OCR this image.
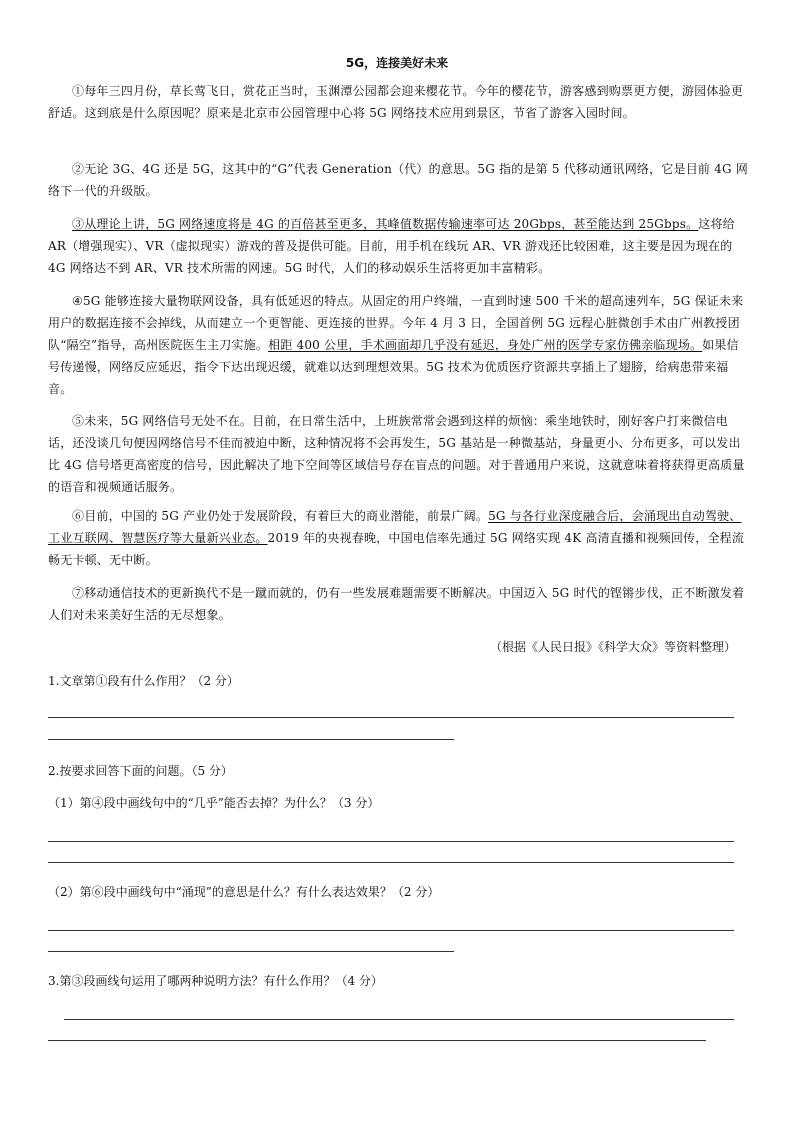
5G，连接美好未来
①每年三四月份，草长莺飞日，赏花正当时，玉渊潭公园都会迎来樱花节。今年的樱花节，游客感到购票更方便，游园体验更舒适。这到底是什么原因呢？原来是北京市公园管理中心将 5G 网络技术应用到景区，节省了游客入园时间。
②无论 3G、4G 还是 5G，这其中的“G”代表 Generation（代）的意思。5G 指的是第 5 代移动通讯网络，它是目前 4G 网络下一代的升级版。
③从理论上讲，5G 网络速度将是 4G 的百倍甚至更多，其峰值数据传输速率可达 20Gbps，甚至能达到 25Gbps。这将给 AR（增强现实）、VR（虚拟现实）游戏的普及提供可能。目前，用手机在线玩 AR、VR 游戏还比较困难，这主要是因为现在的 4G 网络达不到 AR、VR 技术所需的网速。5G 时代，人们的移动娱乐生活将更加丰富精彩。
④5G 能够连接大量物联网设备，具有低延迟的特点。从固定的用户终端，一直到时速 500 千米的超高速列车，5G 保证未来用户的数据连接不会掉线，从而建立一个更智能、更连接的世界。今年 4 月 3 日，全国首例 5G 远程心脏微创手术由广州教授团队“隔空”指导，高州医院医生主刀实施。相距 400 公里，手术画面却几乎没有延迟，身处广州的医学专家仿佛亲临现场。如果信号传递慢，网络反应延迟，指令下达出现迟缓，就难以达到理想效果。5G 技术为优质医疗资源共享插上了翅膀，给病患带来福音。
⑤未来，5G 网络信号无处不在。目前，在日常生活中，上班族常常会遇到这样的烦恼：乘坐地铁时，刚好客户打来微信电话，还没谈几句便因网络信号不佳而被迫中断，这种情况将不会再发生，5G 基站是一种微基站，身量更小、分布更多，可以发出比 4G 信号塔更高密度的信号，因此解决了地下空间等区域信号存在盲点的问题。对于普通用户来说，这就意味着将获得更高质量的语音和视频通话服务。
⑥目前，中国的 5G 产业仍处于发展阶段，有着巨大的商业潜能，前景广阔。5G 与各行业深度融合后，会涌现出自动驾驶、工业互联网、智慧医疗等大量新兴业态。2019 年的央视春晚，中国电信率先通过 5G 网络实现 4K 高清直播和视频回传，全程流畅无卡顿、无中断。
⑦移动通信技术的更新换代不是一蹴而就的，仍有一些发展难题需要不断解决。中国迈入 5G 时代的铿锵步伐，正不断激发着人们对未来美好生活的无尽想象。
（根据《人民日报》《科学大众》等资料整理）
1.文章第①段有什么作用？（2 分）
2.按要求回答下面的问题。（5 分）
（1）第④段中画线句中的“几乎”能否去掉？为什么？（3 分）
（2）第⑥段中画线句中“涌现”的意思是什么？有什么表达效果？（2 分）
3.第③段画线句运用了哪两种说明方法？有什么作用？（4 分）
